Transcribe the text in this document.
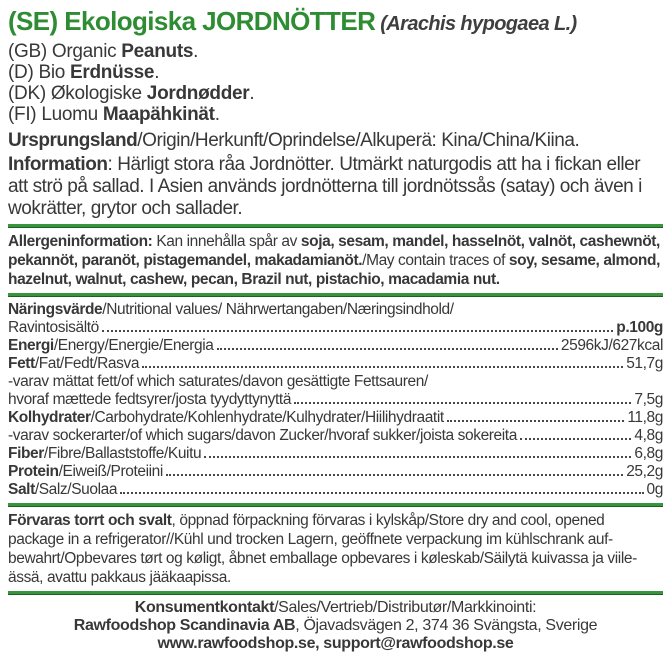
(SE) Ekologiska JORDNÖTTER (Arachis hypogaea L.)
(GB) Organic Peanuts.
(D) Bio Erdnüsse.
(DK) Økologiske Jordnødder.
(FI) Luomu Maapähkinät.

Ursprungsland/Origin/Herkunft/Oprindelse/Alkuperä: Kina/China/Kiina.

Information: Härligt stora råa Jordnötter. Utmärkt naturgodis att ha i fickan eller att strö på sallad. I Asien används jordnötterna till jordnötssås (satay) och även i wokrätter, grytor och sallader.

Allergeninformation: Kan innehålla spår av soja, sesam, mandel, hasselnöt, valnöt, cashewnöt, pekannöt, paranöt, pistagemandel, makadamianöt./May contain traces of soy, sesame, almond, hazelnut, walnut, cashew, pecan, Brazil nut, pistachio, macadamia nut.

Näringsvärde/Nutritional values/ Nährwertangaben/Næringsindhold/
Ravintosisältö	p.100g
Energi/Energy/Energie/Energia	2596kJ/627kcal
Fett/Fat/Fedt/Rasva	51,7g
-varav mättat fett/of which saturates/davon gesättigte Fettsauren/
hvoraf mættede fedtsyrer/josta tyydyttynyttä	7,5g
Kolhydrater/Carbohydrate/Kohlenhydrate/Kulhydrater/Hiilihydraatit	11,8g
-varav sockerarter/of which sugars/davon Zucker/hvoraf sukker/joista sokereita	4,8g
Fiber/Fibre/Ballaststoffe/Kuitu	6,8g
Protein/Eiweiß/Proteiini	25,2g
Salt/Salz/Suolaa	0g

Förvaras torrt och svalt, öppnad förpackning förvaras i kylskåp/Store dry and cool, opened package in a refrigerator//Kühl und trocken Lagern, geöffnete verpackung im kühlschrank auf-bewahrt/Opbevares tørt og køligt, åbnet emballage opbevares i køleskab/Säilytä kuivassa ja viile-ässä, avattu pakkaus jääkaapissa.

Konsumentkontakt/Sales/Vertrieb/Distributør/Markkinointi:
Rawfoodshop Scandinavia AB, Öjavadsvägen 2, 374 36 Svängsta, Sverige
www.rawfoodshop.se, support@rawfoodshop.se
